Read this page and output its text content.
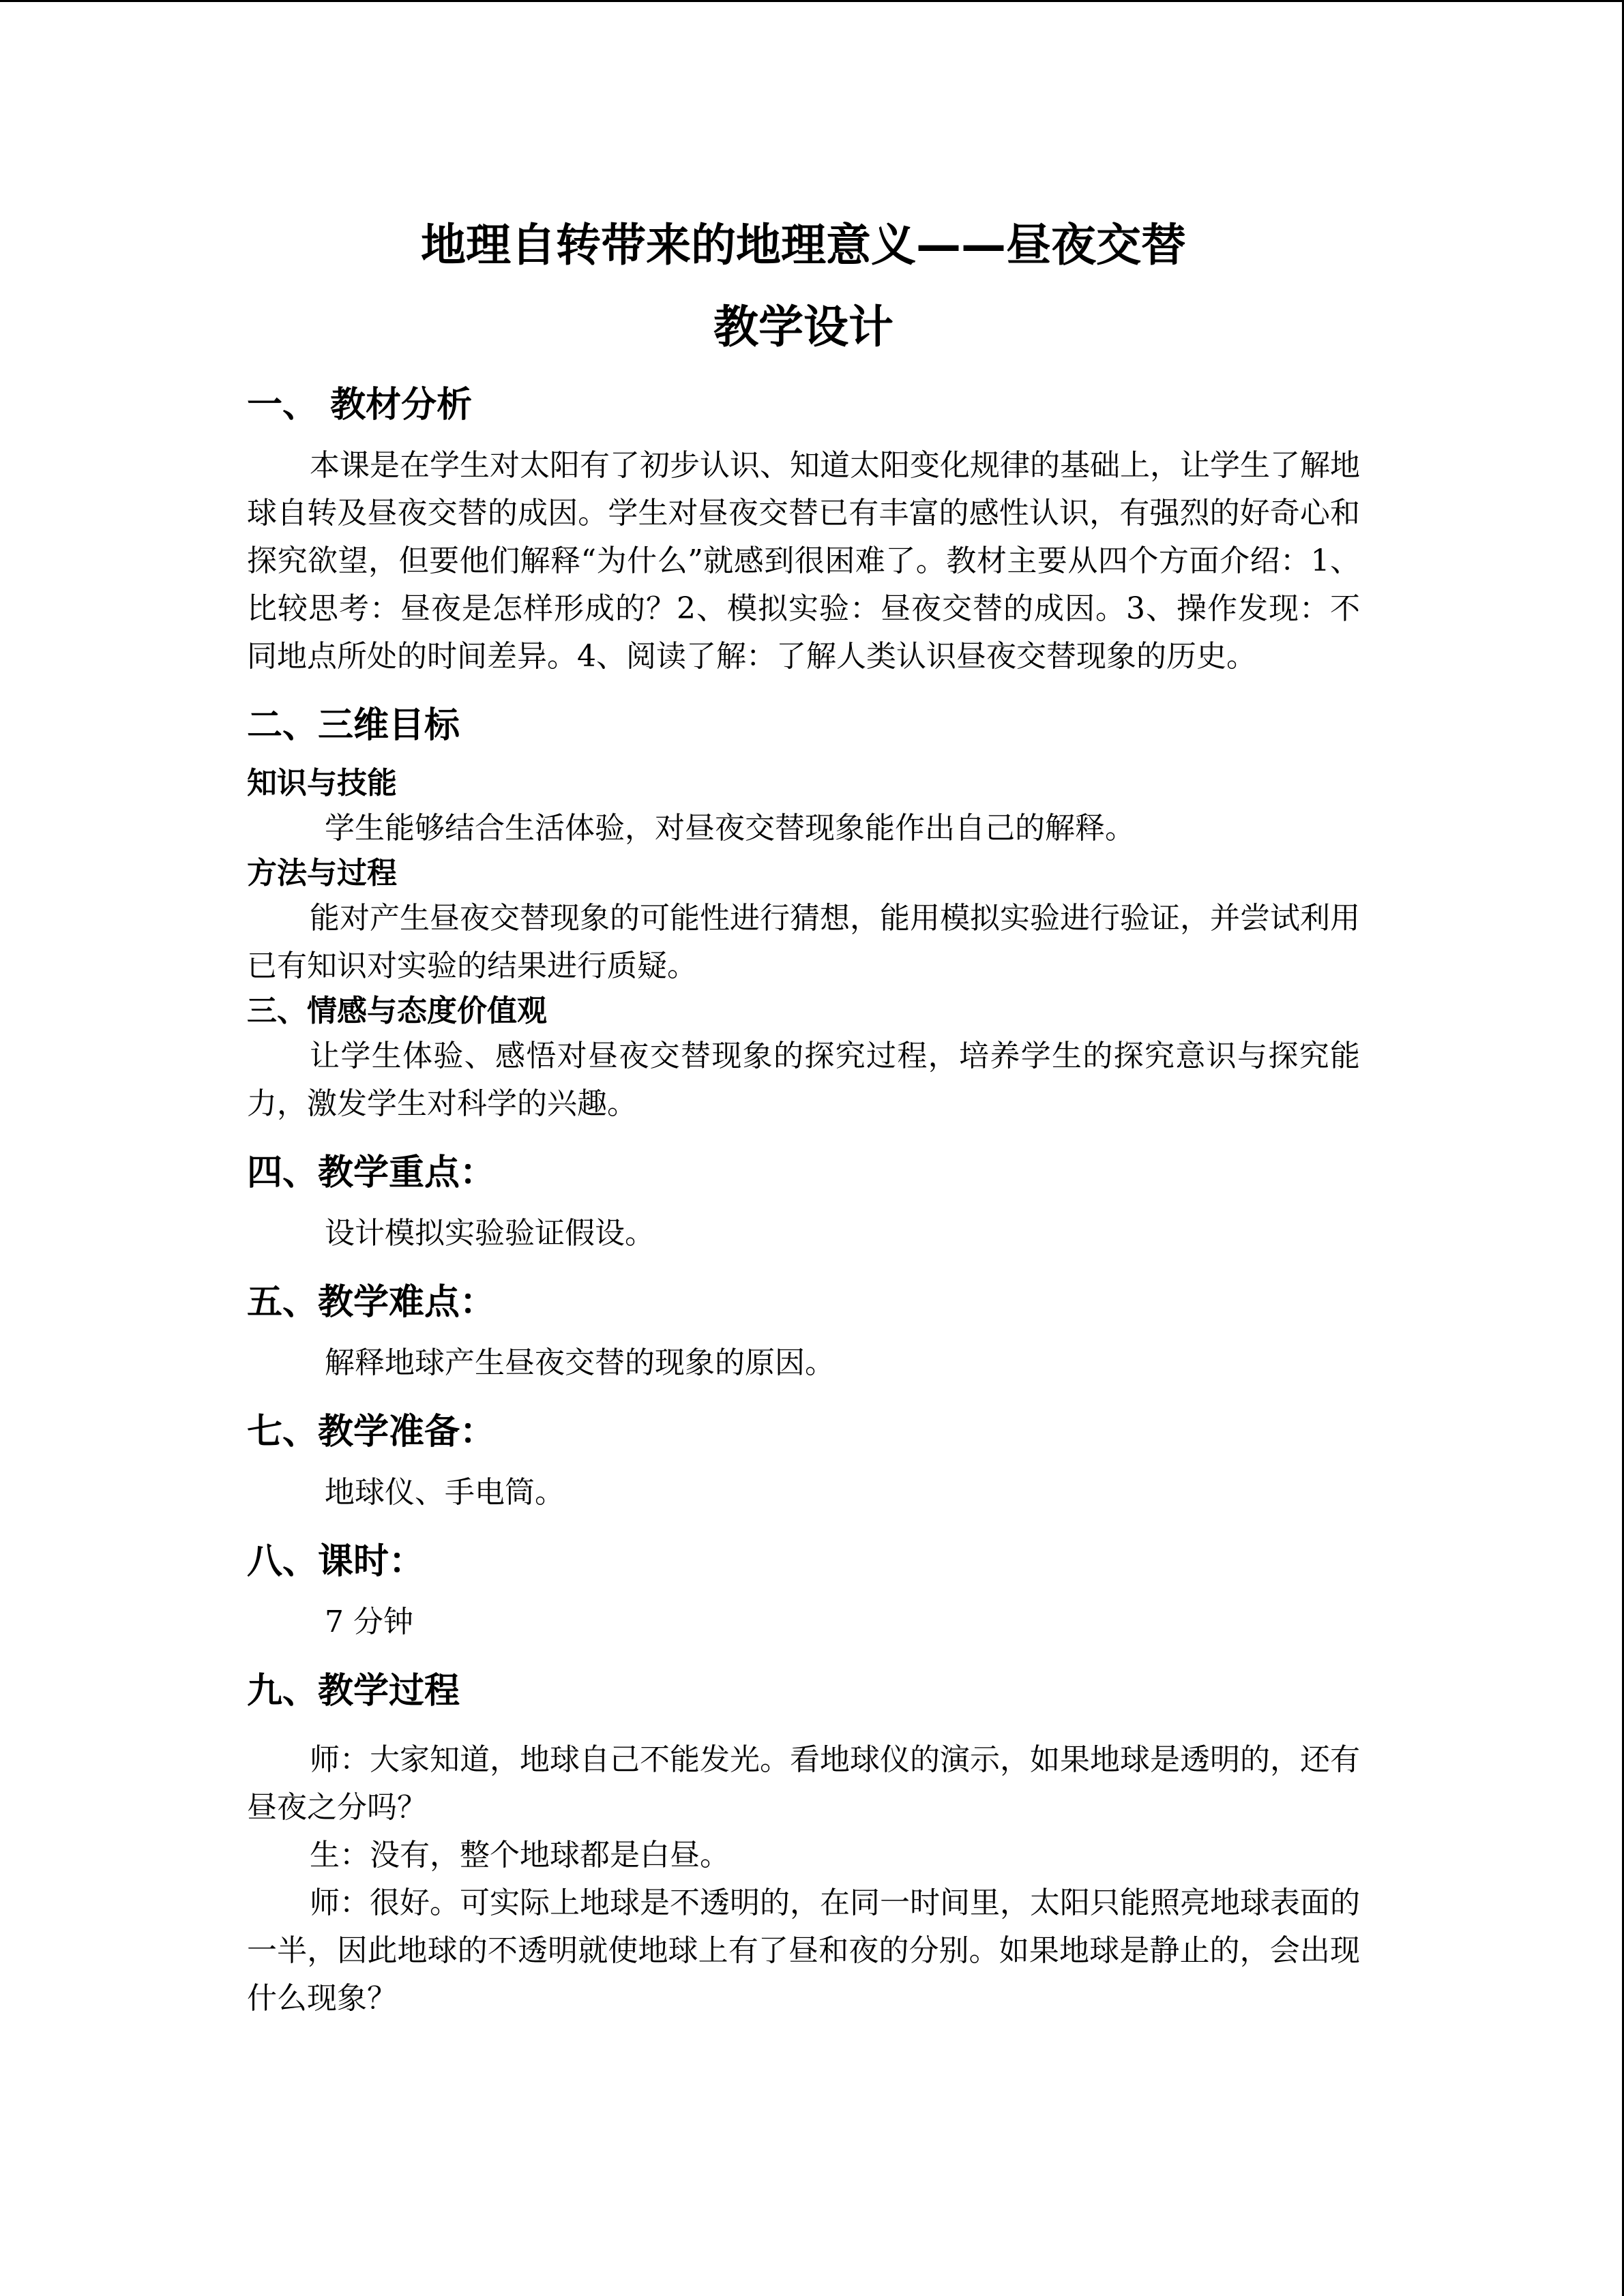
地理自转带来的地理意义——昼夜交替
教学设计
一、 教材分析

本课是在学生对太阳有了初步认识、知道太阳变化规律的基础上，让学生了解地球自转及昼夜交替的成因。学生对昼夜交替已有丰富的感性认识，有强烈的好奇心和探究欲望，但要他们解释“为什么”就感到很困难了。教材主要从四个方面介绍：1、比较思考：昼夜是怎样形成的？2、模拟实验：昼夜交替的成因。3、操作发现：不同地点所处的时间差异。4、阅读了解：了解人类认识昼夜交替现象的历史。

二、三维目标
知识与技能

学生能够结合生活体验，对昼夜交替现象能作出自己的解释。

方法与过程

能对产生昼夜交替现象的可能性进行猜想，能用模拟实验进行验证，并尝试利用已有知识对实验的结果进行质疑。

三、情感与态度价值观

让学生体验、感悟对昼夜交替现象的探究过程，培养学生的探究意识与探究能力，激发学生对科学的兴趣。

四、教学重点：

设计模拟实验验证假设。

五、教学难点：

解释地球产生昼夜交替的现象的原因。

七、教学准备：

地球仪、手电筒。

八、课时：

7 分钟

九、教学过程

师：大家知道，地球自己不能发光。看地球仪的演示，如果地球是透明的，还有昼夜之分吗？

生：没有，整个地球都是白昼。

师：很好。可实际上地球是不透明的，在同一时间里，太阳只能照亮地球表面的一半，因此地球的不透明就使地球上有了昼和夜的分别。如果地球是静止的，会出现什么现象？
